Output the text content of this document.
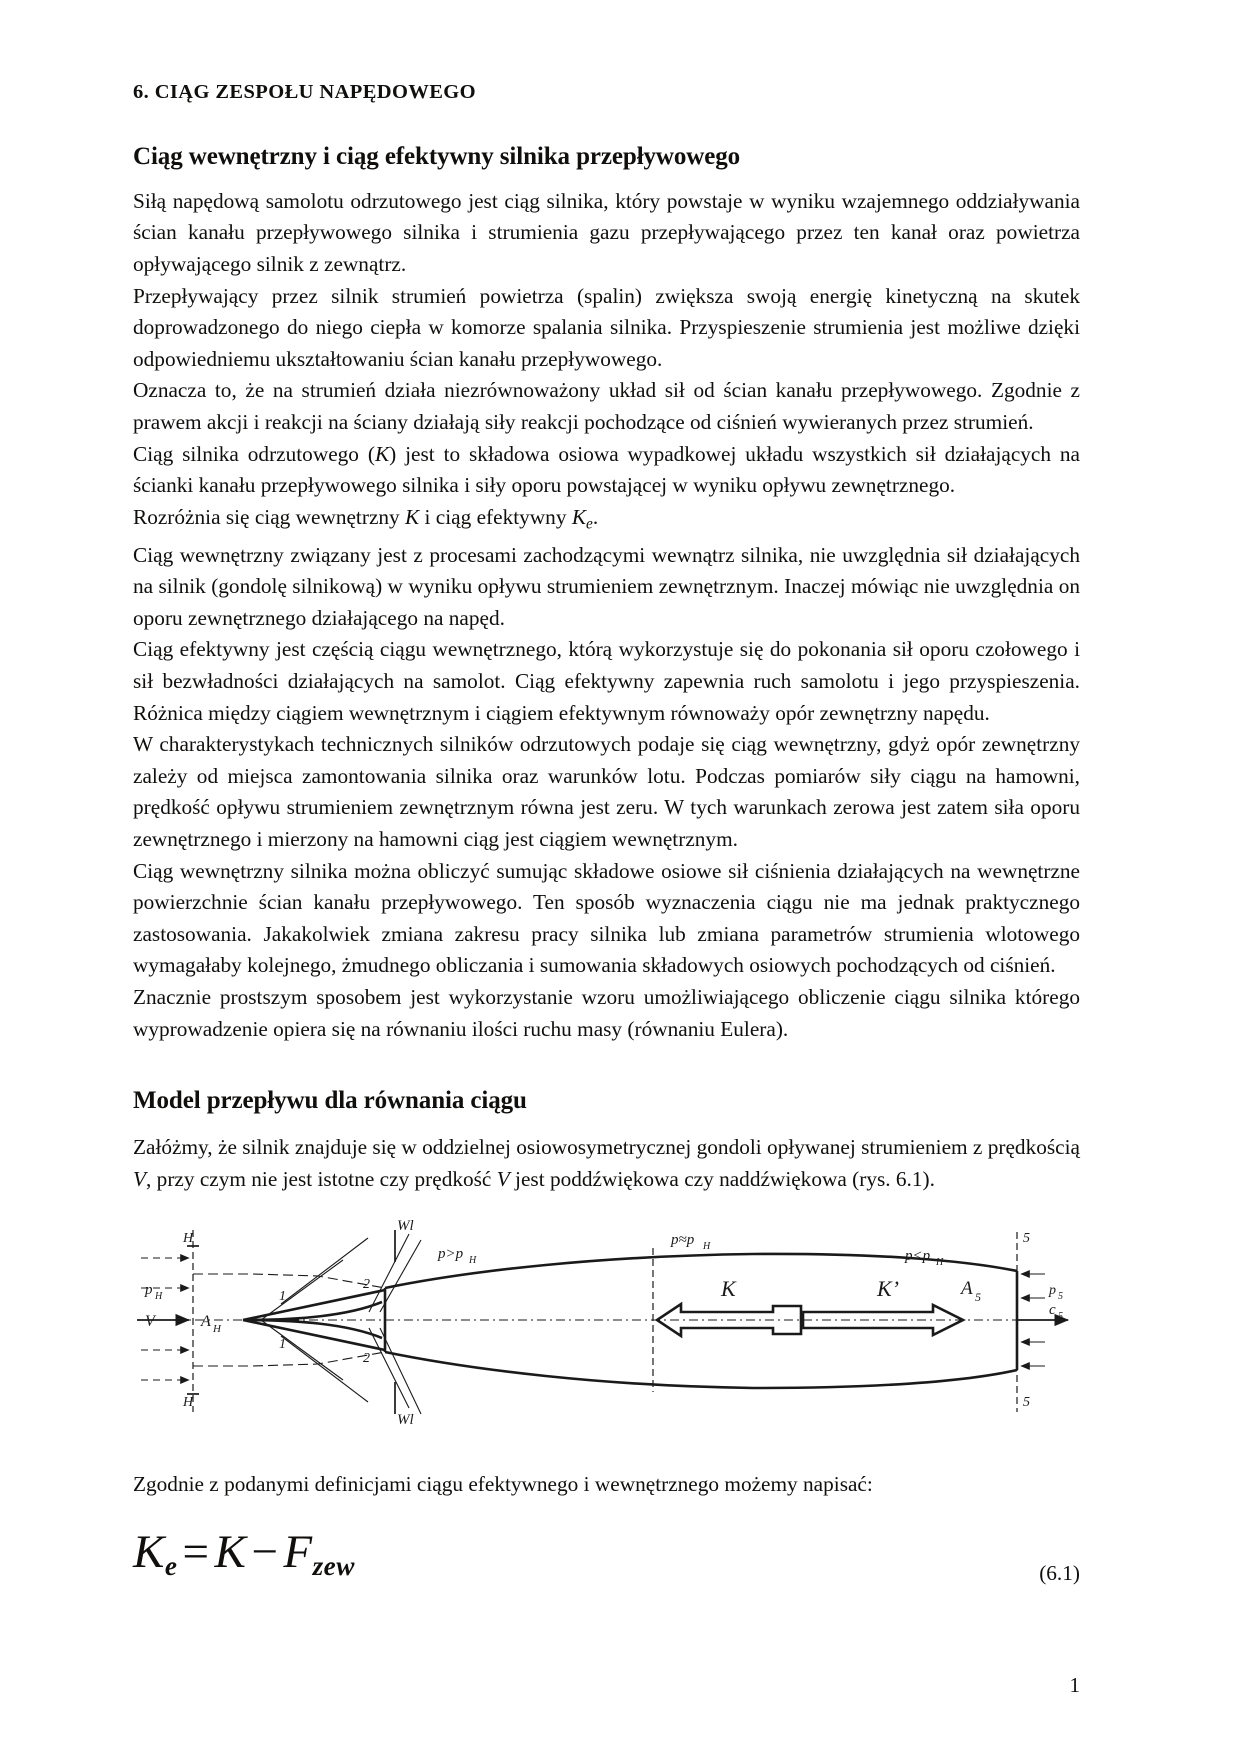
6. CIĄG ZESPOŁU NAPĘDOWEGO
Ciąg wewnętrzny i ciąg efektywny silnika przepływowego

Siłą napędową samolotu odrzutowego jest ciąg silnika, który powstaje w wyniku wzajemnego oddziaływania ścian kanału przepływowego silnika i strumienia gazu przepływającego przez ten kanał oraz powietrza opływającego silnik z zewnątrz.

Przepływający przez silnik strumień powietrza (spalin) zwiększa swoją energię kinetyczną na skutek doprowadzonego do niego ciepła w komorze spalania silnika. Przyspieszenie strumienia jest możliwe dzięki odpowiedniemu ukształtowaniu ścian kanału przepływowego.

Oznacza to, że na strumień działa niezrównoważony układ sił od ścian kanału przepływowego. Zgodnie z prawem akcji i reakcji na ściany działają siły reakcji pochodzące od ciśnień wywieranych przez strumień.

Ciąg silnika odrzutowego (K) jest to składowa osiowa wypadkowej układu wszystkich sił działających na ścianki kanału przepływowego silnika i siły oporu powstającej w wyniku opływu zewnętrznego.

Rozróżnia się ciąg wewnętrzny K i ciąg efektywny $K_e$.

Ciąg wewnętrzny związany jest z procesami zachodzącymi wewnątrz silnika, nie uwzględnia sił działających na silnik (gondolę silnikową) w wyniku opływu strumieniem zewnętrznym. Inaczej mówiąc nie uwzględnia on oporu zewnętrznego działającego na napęd.

Ciąg efektywny jest częścią ciągu wewnętrznego, którą wykorzystuje się do pokonania sił oporu czołowego i sił bezwładności działających na samolot. Ciąg efektywny zapewnia ruch samolotu i jego przyspieszenia. Różnica między ciągiem wewnętrznym i ciągiem efektywnym równoważy opór zewnętrzny napędu.

W charakterystykach technicznych silników odrzutowych podaje się ciąg wewnętrzny, gdyż opór zewnętrzny zależy od miejsca zamontowania silnika oraz warunków lotu. Podczas pomiarów siły ciągu na hamowni, prędkość opływu strumieniem zewnętrznym równa jest zeru. W tych warunkach zerowa jest zatem siła oporu zewnętrznego i mierzony na hamowni ciąg jest ciągiem wewnętrznym.

Ciąg wewnętrzny silnika można obliczyć sumując składowe osiowe sił ciśnienia działających na wewnętrzne powierzchnie ścian kanału przepływowego. Ten sposób wyznaczenia ciągu nie ma jednak praktycznego zastosowania. Jakakolwiek zmiana zakresu pracy silnika lub zmiana parametrów strumienia wlotowego wymagałaby kolejnego, żmudnego obliczania i sumowania składowych osiowych pochodzących od ciśnień.

Znacznie prostszym sposobem jest wykorzystanie wzoru umożliwiającego obliczenie ciągu silnika którego wyprowadzenie opiera się na równaniu ilości ruchu masy (równaniu Eulera).

Model przepływu dla równania ciągu

Załóżmy, że silnik znajduje się w oddzielnej osiowosymetrycznej gondoli opływanej strumieniem z prędkością V, przy czym nie jest istotne czy prędkość V jest poddźwiękowa czy naddźwiękowa (rys. 6.1).

p H
V	A H
H
H
1
1
2
2
Wl
Wl
p>p H
p≈p H
p<p H
A 5	p 5
c 5
5
5
K	K’

Zgodnie z podanymi definicjami ciągu efektywnego i wewnętrznego możemy napisać:

Ke = K − Fzew	(6.1)
1
